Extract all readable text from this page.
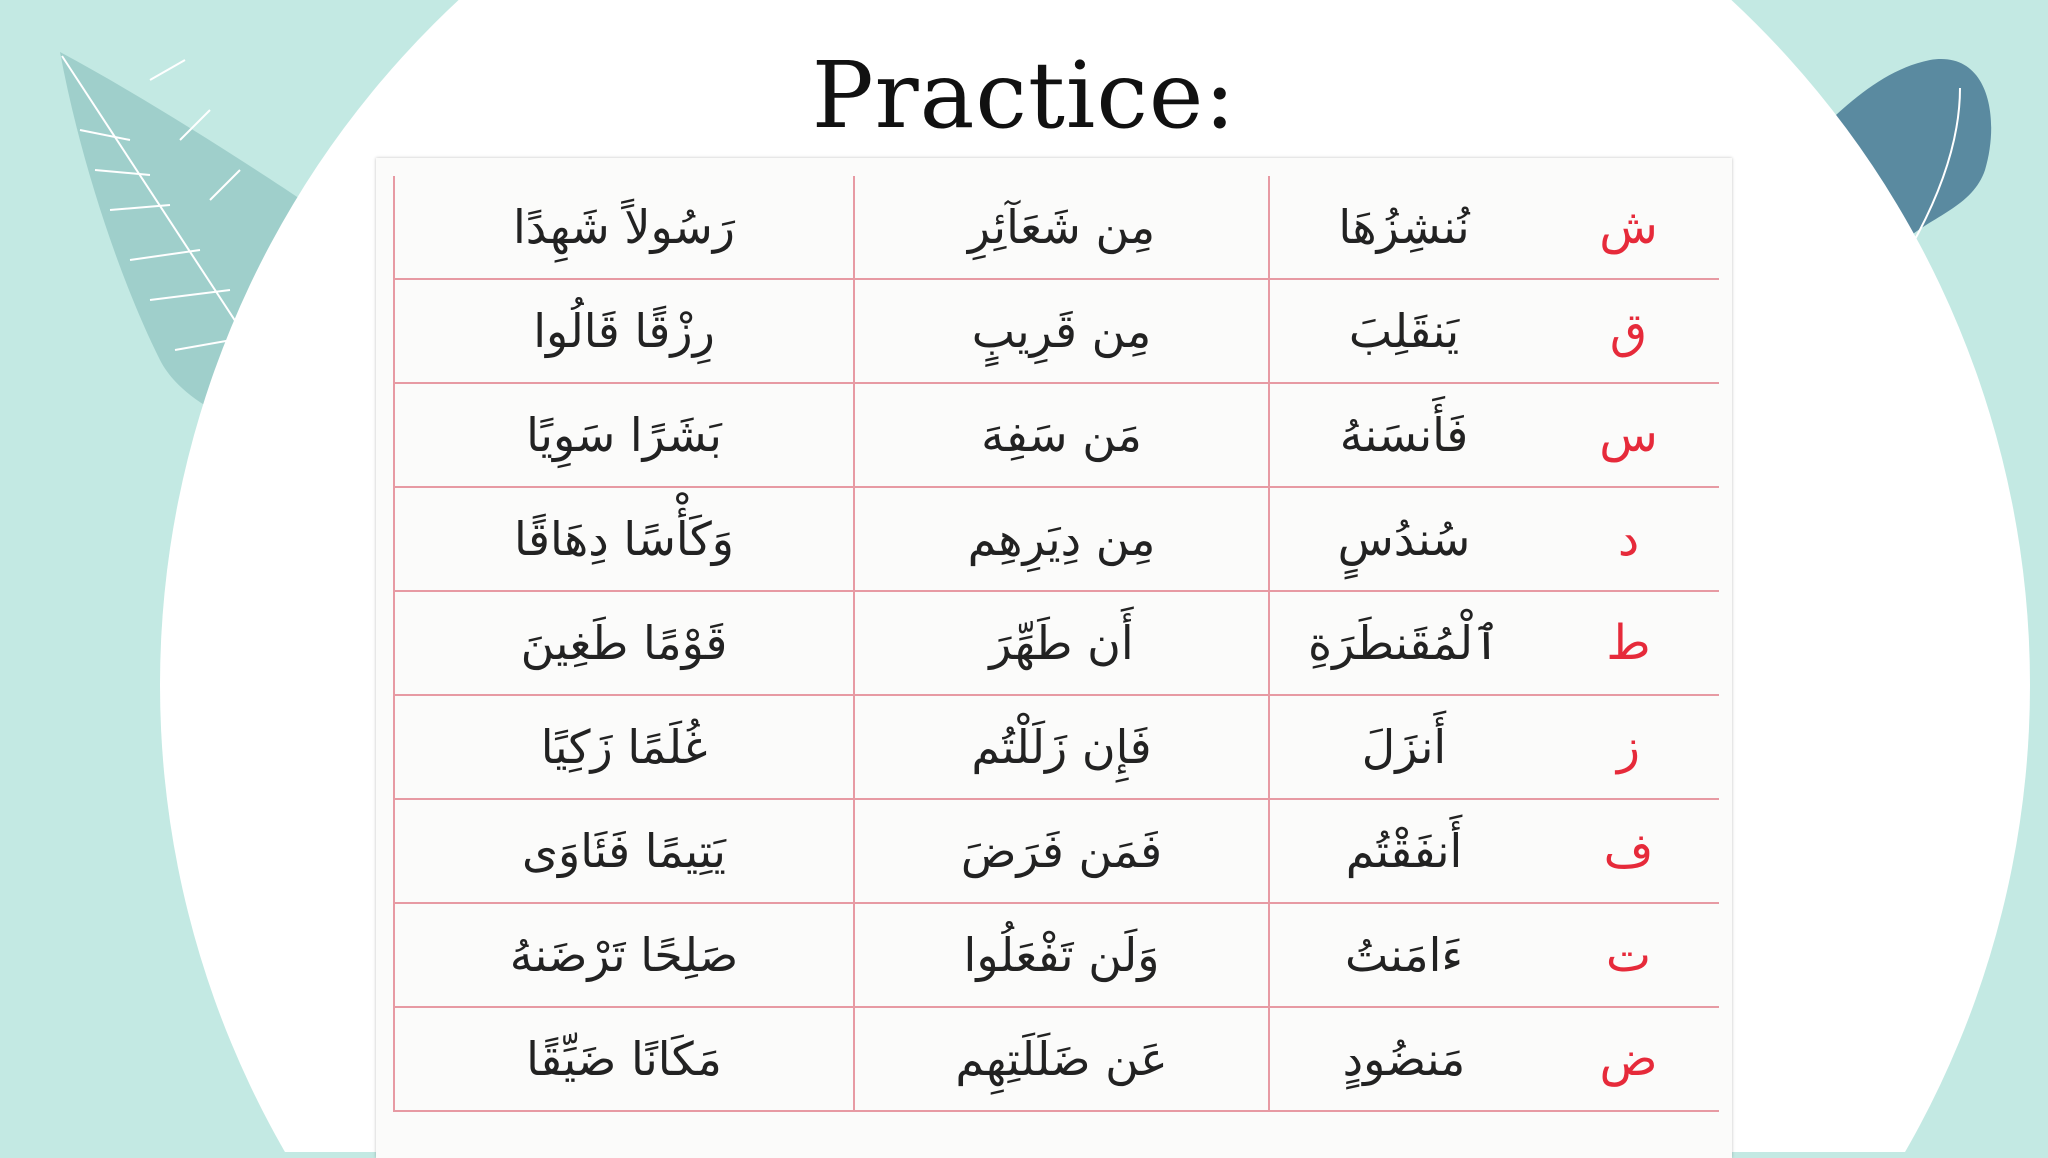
Practice:
رَسُولاً شَهِدًا	مِن شَعَآئِرِ	نُنشِزُهَا	ش
رِزْقًا قَالُوا	مِن قَرِيبٍ	يَنقَلِبَ	ق
بَشَرًا سَوِيًا	مَن سَفِهَ	فَأَنسَنهُ	س
وَكَأْسًا دِهَاقًا	مِن دِيَرِهِم	سُندُسٍ	د
قَوْمًا طَغِينَ	أَن طَهِّرَ	ٱلْمُقَنطَرَةِ	ط
غُلَمًا زَكِيًا	فَإِن زَلَلْتُم	أَنزَلَ	ز
يَتِيمًا فَئَاوَى	فَمَن فَرَضَ	أَنفَقْتُم	ف
صَلِحًا تَرْضَنهُ	وَلَن تَفْعَلُوا	ءَامَنتُ	ت
مَكَانًا ضَيِّقًا	عَن ضَلَلَتِهِم	مَنضُودٍ	ض
